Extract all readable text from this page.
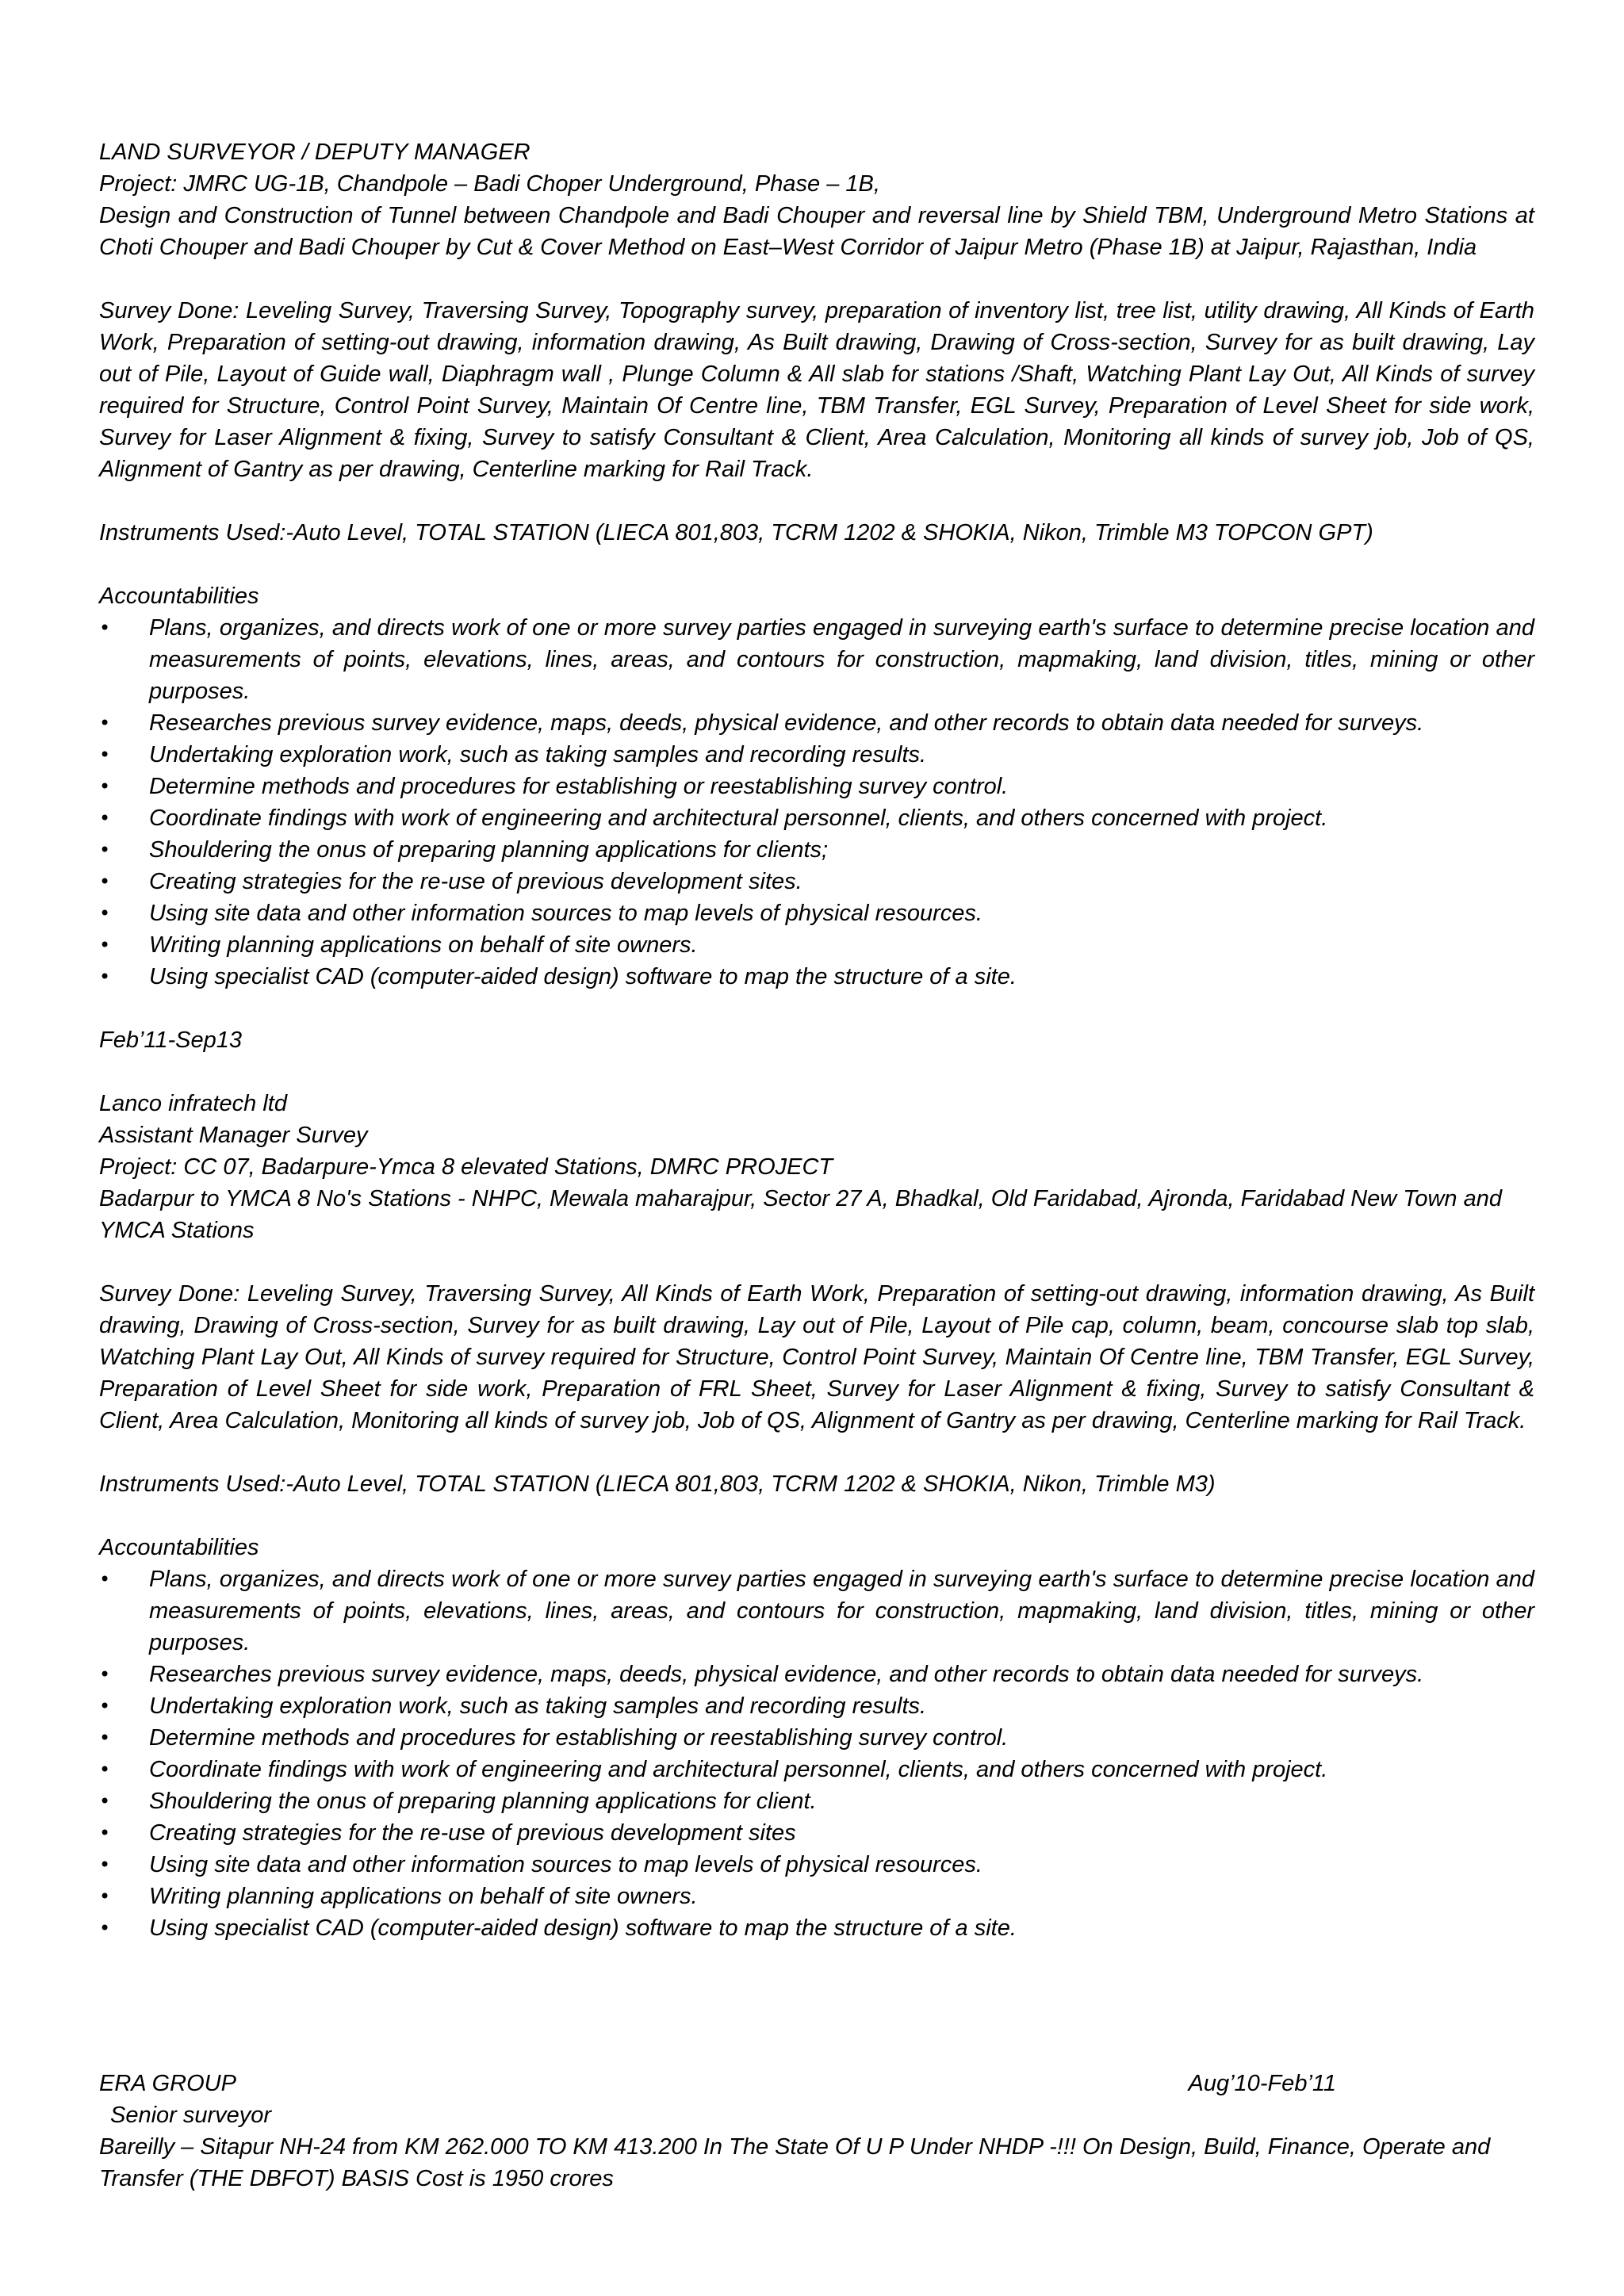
LAND SURVEYOR / DEPUTY MANAGER
Project: JMRC UG-1B, Chandpole – Badi Choper Underground, Phase – 1B,
Design and Construction of Tunnel between Chandpole and Badi Chouper and reversal line by Shield TBM, Underground Metro Stations at Choti Chouper and Badi Chouper by Cut & Cover Method on East–West Corridor of Jaipur Metro (Phase 1B) at Jaipur, Rajasthan, India
Survey Done: Leveling Survey, Traversing Survey, Topography survey, preparation of inventory list, tree list, utility drawing, All Kinds of Earth Work, Preparation of setting-out drawing, information drawing, As Built drawing, Drawing of Cross-section, Survey for as built drawing, Lay out of Pile, Layout of Guide wall, Diaphragm wall , Plunge Column & All slab for stations /Shaft, Watching Plant Lay Out, All Kinds of survey required for Structure, Control Point Survey, Maintain Of Centre line, TBM Transfer, EGL Survey, Preparation of Level Sheet for side work, Survey for Laser Alignment & fixing, Survey to satisfy Consultant & Client, Area Calculation, Monitoring all kinds of survey job, Job of QS, Alignment of Gantry as per drawing, Centerline marking for Rail Track.
Instruments Used:-Auto Level, TOTAL STATION (LIECA 801,803, TCRM 1202 & SHOKIA, Nikon, Trimble M3 TOPCON GPT)
Accountabilities
• Plans, organizes, and directs work of one or more survey parties engaged in surveying earth's surface to determine precise location and measurements of points, elevations, lines, areas, and contours for construction, mapmaking, land division, titles, mining or other purposes.
• Researches previous survey evidence, maps, deeds, physical evidence, and other records to obtain data needed for surveys.
• Undertaking exploration work, such as taking samples and recording results.
• Determine methods and procedures for establishing or reestablishing survey control.
• Coordinate findings with work of engineering and architectural personnel, clients, and others concerned with project.
• Shouldering the onus of preparing planning applications for clients;
• Creating strategies for the re-use of previous development sites.
• Using site data and other information sources to map levels of physical resources.
• Writing planning applications on behalf of site owners.
• Using specialist CAD (computer-aided design) software to map the structure of a site.
Feb’11-Sep13
Lanco infratech ltd
Assistant Manager Survey
Project: CC 07, Badarpure-Ymca 8 elevated Stations, DMRC PROJECT
Badarpur to YMCA 8 No's Stations - NHPC, Mewala maharajpur, Sector 27 A, Bhadkal, Old Faridabad, Ajronda, Faridabad New Town and YMCA Stations
Survey Done: Leveling Survey, Traversing Survey, All Kinds of Earth Work, Preparation of setting-out drawing, information drawing, As Built drawing, Drawing of Cross-section, Survey for as built drawing, Lay out of Pile, Layout of Pile cap, column, beam, concourse slab top slab, Watching Plant Lay Out, All Kinds of survey required for Structure, Control Point Survey, Maintain Of Centre line, TBM Transfer, EGL Survey, Preparation of Level Sheet for side work, Preparation of FRL Sheet, Survey for Laser Alignment & fixing, Survey to satisfy Consultant & Client, Area Calculation, Monitoring all kinds of survey job, Job of QS, Alignment of Gantry as per drawing, Centerline marking for Rail Track.
Instruments Used:-Auto Level, TOTAL STATION (LIECA 801,803, TCRM 1202 & SHOKIA, Nikon, Trimble M3)
Accountabilities
• Plans, organizes, and directs work of one or more survey parties engaged in surveying earth's surface to determine precise location and measurements of points, elevations, lines, areas, and contours for construction, mapmaking, land division, titles, mining or other purposes.
• Researches previous survey evidence, maps, deeds, physical evidence, and other records to obtain data needed for surveys.
• Undertaking exploration work, such as taking samples and recording results.
• Determine methods and procedures for establishing or reestablishing survey control.
• Coordinate findings with work of engineering and architectural personnel, clients, and others concerned with project.
• Shouldering the onus of preparing planning applications for client.
• Creating strategies for the re-use of previous development sites
• Using site data and other information sources to map levels of physical resources.
• Writing planning applications on behalf of site owners.
• Using specialist CAD (computer-aided design) software to map the structure of a site.
ERA GROUP	Aug’10-Feb’11
Senior surveyor
Bareilly – Sitapur NH-24 from KM 262.000 TO KM 413.200 In The State Of U P Under NHDP -!!! On Design, Build, Finance, Operate and Transfer (THE DBFOT) BASIS Cost is 1950 crores
